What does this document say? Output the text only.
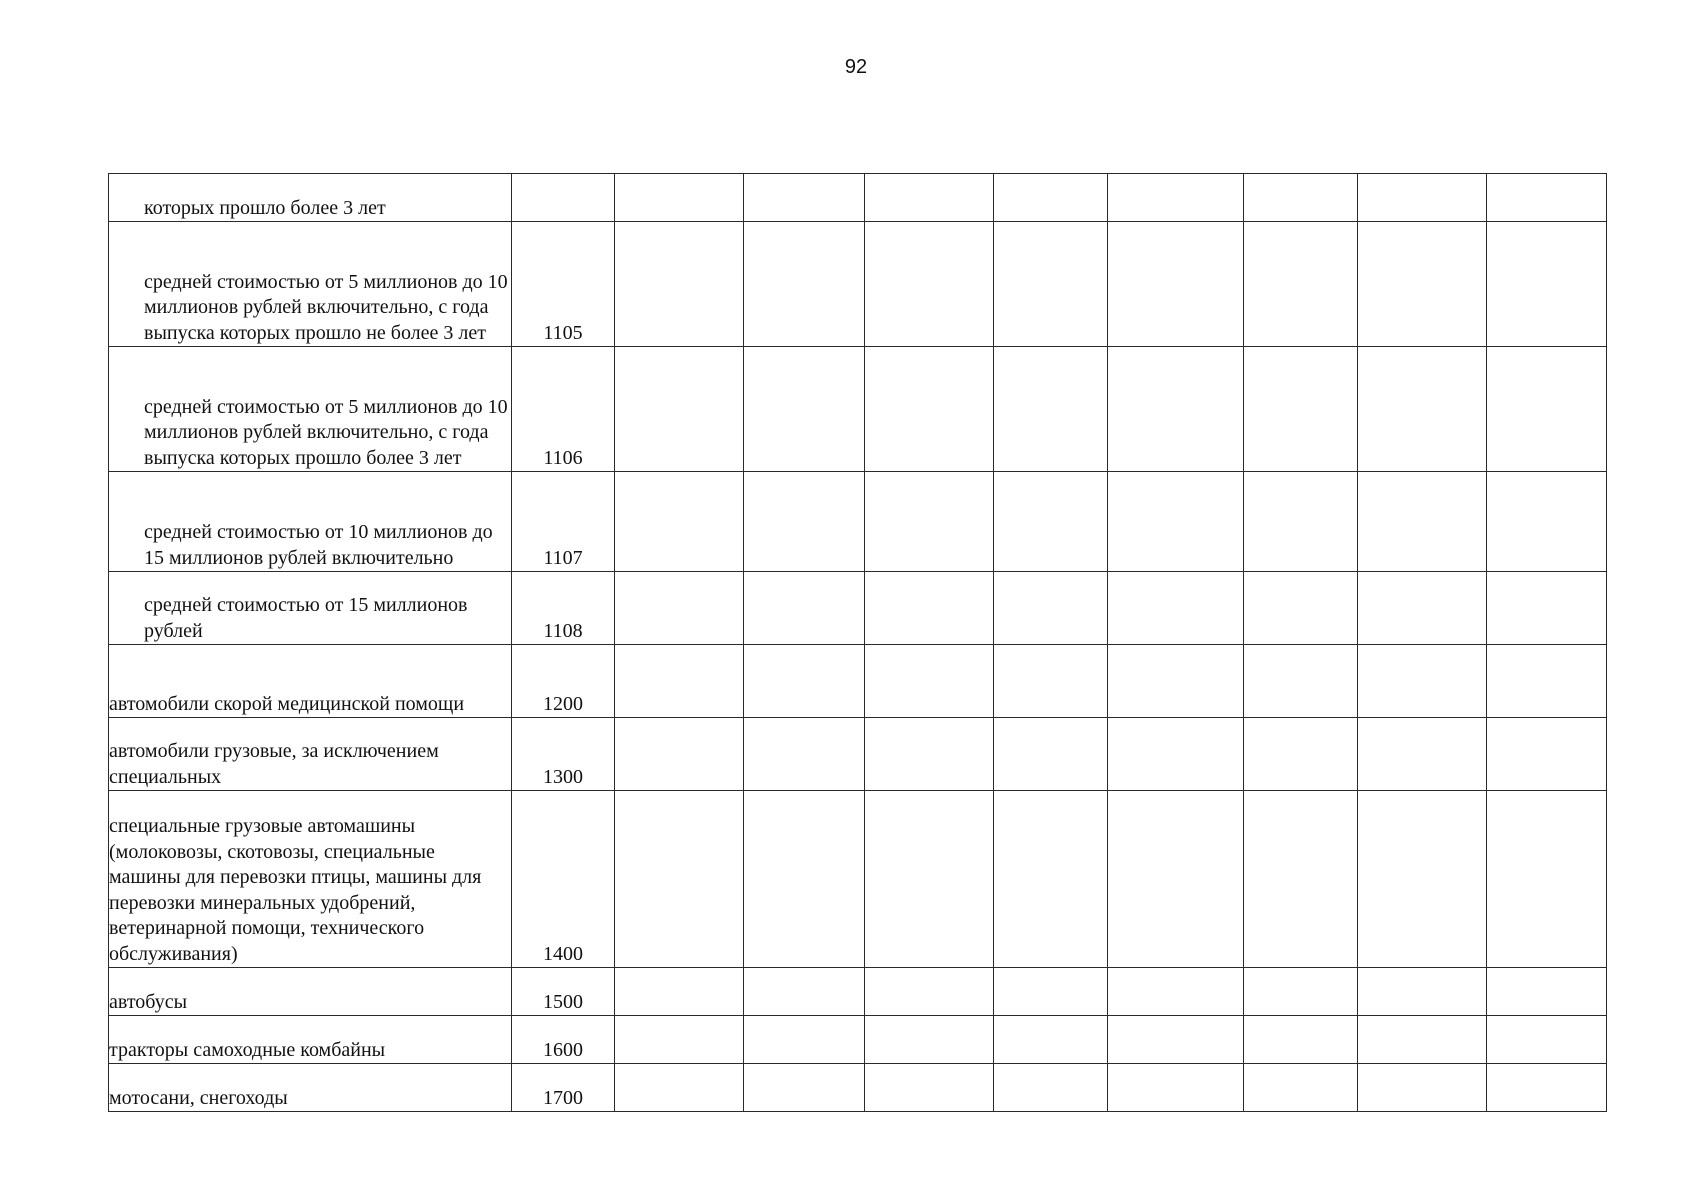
92
которых прошло более 3 лет									
средней стоимостью от 5 миллионов до 10 миллионов рублей включительно, с года выпуска которых прошло не более 3 лет	1105								
средней стоимостью от 5 миллионов до 10 миллионов рублей включительно, с года выпуска которых прошло более 3 лет	1106								
средней стоимостью от 10 миллионов до 15 миллионов рублей включительно	1107								
средней стоимостью от 15 миллионов рублей	1108								
автомобили скорой медицинской помощи	1200								
автомобили грузовые, за исключением специальных	1300								
специальные грузовые автомашины (молоковозы, скотовозы, специальные машины для перевозки птицы, машины для перевозки минеральных удобрений, ветеринарной помощи, технического обслуживания)	1400								
автобусы	1500								
тракторы самоходные комбайны	1600								
мотосани, снегоходы	1700								
